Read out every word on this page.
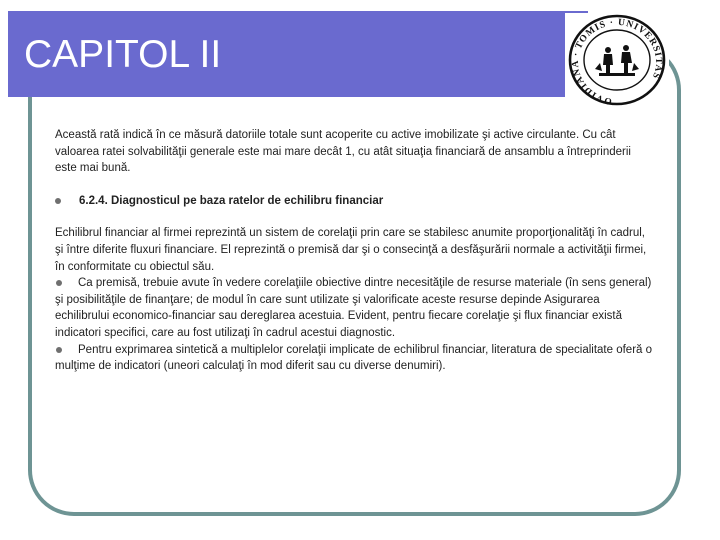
CAPITOL II
OVIDIANA · TOMIS · UNIVERSITAS

Această rată indică în ce măsură datoriile totale sunt acoperite cu active imobilizate şi active circulante. Cu cât valoarea ratei solvabilităţii generale este mai mare decât 1, cu atât situaţia financiară de ansamblu a întreprinderii este mai bună.

6.2.4. Diagnosticul pe baza ratelor de echilibru financiar

Echilibrul financiar al firmei reprezintă un sistem de corelaţii prin care se stabilesc anumite proporţionalităţi în cadrul, şi între diferite fluxuri financiare. El reprezintă o premisă dar şi o consecinţă a desfăşurării normale a activităţii firmei, în conformitate cu obiectul său.
Ca premisă, trebuie avute în vedere corelaţiile obiective dintre necesităţile de resurse materiale (în sens general) şi posibilităţile de finanţare; de modul în care sunt utilizate şi valorificate aceste resurse depinde Asigurarea echilibrului economico-financiar sau dereglarea acestuia. Evident, pentru fiecare corelaţie şi flux financiar există indicatori specifici, care au fost utilizaţi în cadrul acestui diagnostic.
Pentru exprimarea sintetică a multiplelor corelaţii implicate de echilibrul financiar, literatura de specialitate oferă o mulţime de indicatori (uneori calculaţi în mod diferit sau cu diverse denumiri).
